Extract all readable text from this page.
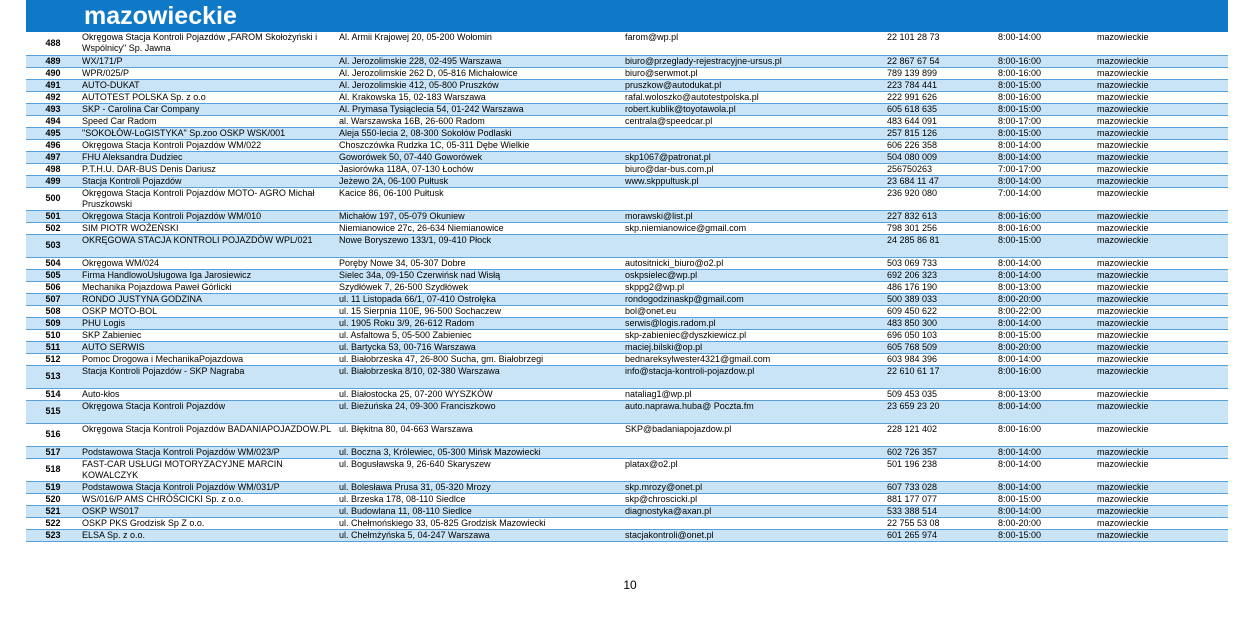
mazowieckie
488	Okręgowa Stacja Kontroli Pojazdów „FAROM Skołożyński i Wspólnicy" Sp. Jawna	Al. Armii Krajowej 20, 05-200 Wołomin	farom@wp.pl	22 101 28 73	8:00-14:00	mazowieckie
489	WX/171/P	Al. Jerozolimskie 228, 02-495 Warszawa	biuro@przeglady-rejestracyjne-ursus.pl	22 867 67 54	8:00-16:00	mazowieckie
490	WPR/025/P	Al. Jerozolimskie 262 D, 05-816 Michałowice	biuro@serwmot.pl	789 139 899	8:00-16:00	mazowieckie
491	AUTO-DUKAT	Al. Jerozolimskie 412, 05-800 Pruszków	pruszkow@autodukat.pl	223 784 441	8:00-15:00	mazowieckie
492	AUTOTEST POLSKA Sp. z o.o	Al. Krakowska 15, 02-183 Warszawa	rafal.woloszko@autotestpolska.pl	222 991 626	8:00-16:00	mazowieckie
493	SKP - Carolina Car Company	Al. Prymasa Tysiąclecia 54, 01-242 Warszawa	robert.kublik@toyotawola.pl	605 618 635	8:00-15:00	mazowieckie
494	Speed Car Radom	al. Warszawska 16B, 26-600 Radom	centrala@speedcar.pl	483 644 091	8:00-17:00	mazowieckie
495	"SOKOŁÓW-LoGISTYKA" Sp.zoo OSKP WSK/001	Aleja 550-lecia 2, 08-300 Sokołów Podlaski		257 815 126	8:00-15:00	mazowieckie
496	Okręgowa Stacja Kontroli Pojazdów WM/022	Choszczówka Rudzka 1C, 05-311 Dębe Wielkie		606 226 358	8:00-14:00	mazowieckie
497	FHU Aleksandra Dudziec	Goworówek 50, 07-440 Goworówek	skp1067@patronat.pl	504 080 009	8:00-14:00	mazowieckie
498	P.T.H.U. DAR-BUS Denis Dariusz	Jasiorówka 118A, 07-130 Łochów	biuro@dar-bus.com.pl	256750263	7:00-17:00	mazowieckie
499	Stacja Kontroli Pojazdów	Jeżewo 2A, 06-100 Pułtusk	www.skppultusk.pl	23 684 11 47	8:00-14:00	mazowieckie
500	Okręgowa Stacja Kontroli Pojazdów MOTO- AGRO Michał Pruszkowski	Kacice 86, 06-100 Pułtusk		236 920 080	7:00-14:00	mazowieckie
501	Okręgowa Stacja Kontroli Pojazdów WM/010	Michałów 197, 05-079 Okuniew	morawski@list.pl	227 832 613	8:00-16:00	mazowieckie
502	SIM PIOTR WOŹEŃSKI	Niemianowice 27c, 26-634 Niemianowice	skp.niemianowice@gmail.com	798 301 256	8:00-16:00	mazowieckie
503	OKRĘGOWA STACJA KONTROLI POJAZDÓW WPL/021	Nowe Boryszewo 133/1, 09-410 Płock		24 285 86 81	8:00-15:00	mazowieckie
504	Okręgowa WM/024	Poręby Nowe 34, 05-307 Dobre	autositnicki_biuro@o2.pl	503 069 733	8:00-14:00	mazowieckie
505	Firma HandlowoUsługowa Iga Jarosiewicz	Sielec 34a, 09-150 Czerwińsk nad Wisłą	oskpsielec@wp.pl	692 206 323	8:00-14:00	mazowieckie
506	Mechanika Pojazdowa Paweł Górlicki	Szydłówek 7, 26-500 Szydłówek	skppg2@wp.pl	486 176 190	8:00-13:00	mazowieckie
507	RONDO JUSTYNA GODZINA	ul. 11 Listopada 66/1, 07-410 Ostrołęka	rondogodzinaskp@gmail.com	500 389 033	8:00-20:00	mazowieckie
508	OSKP MOTO-BOL	ul. 15 Sierpnia 110E, 96-500 Sochaczew	bol@onet.eu	609 450 622	8:00-22:00	mazowieckie
509	PHU Logis	ul. 1905 Roku 3/9, 26-612 Radom	serwis@logis.radom.pl	483 850 300	8:00-14:00	mazowieckie
510	SKP Zabieniec	ul. Asfaltowa 5, 05-500 Zabieniec	skp-zabieniec@dyszkiewicz.pl	696 050 103	8:00-15:00	mazowieckie
511	AUTO SERWIS	ul. Bartycka 53, 00-716 Warszawa	maciej.bilski@op.pl	605 768 509	8:00-20:00	mazowieckie
512	Pomoc Drogowa i MechanikaPojazdowa	ul. Białobrzeska 47, 26-800 Sucha, gm. Białobrzegi	bednareksylwester4321@gmail.com	603 984 396	8:00-14:00	mazowieckie
513	Stacja Kontroli Pojazdów - SKP Nagraba	ul. Białobrzeska 8/10, 02-380 Warszawa	info@stacja-kontroli-pojazdow.pl	22 610 61 17	8:00-16:00	mazowieckie
514	Auto-kłos	ul. Białostocka 25, 07-200 WYSZKÓW	nataliag1@wp.pl	509 453 035	8:00-13:00	mazowieckie
515	Okręgowa Stacja Kontroli Pojazdów	ul. Bieżuńska 24, 09-300 Franciszkowo	auto.naprawa.huba@ Poczta.fm	23 659 23 20	8:00-14:00	mazowieckie
516	Okręgowa Stacja Kontroli Pojazdów BADANIAPOJAZDOW.PL	ul. Błękitna 80, 04-663 Warszawa	SKP@badaniapojazdow.pl	228 121 402	8:00-16:00	mazowieckie
517	Podstawowa Stacja Kontroli Pojazdów WM/023/P	ul. Boczna 3, Królewiec, 05-300 Mińsk Mazowiecki		602 726 357	8:00-14:00	mazowieckie
518	FAST-CAR USŁUGI MOTORYZACYJNE MARCIN KOWALCZYK	ul. Bogusławska 9, 26-640 Skaryszew	platax@o2.pl	501 196 238	8:00-14:00	mazowieckie
519	Podstawowa Stacja Kontroli Pojazdów WM/031/P	ul. Bolesława Prusa 31, 05-320 Mrozy	skp.mrozy@onet.pl	607 733 028	8:00-14:00	mazowieckie
520	WS/016/P AMS CHRÓŚCICKI Sp. z o.o.	ul. Brzeska 178, 08-110 Siedlce	skp@chroscicki.pl	881 177 077	8:00-15:00	mazowieckie
521	OSKP WS017	ul. Budowlana 11, 08-110 Siedlce	diagnostyka@axan.pl	533 388 514	8:00-14:00	mazowieckie
522	OSKP PKS Grodzisk Sp Z o.o.	ul. Chełmońskiego 33, 05-825 Grodzisk Mazowiecki		22 755 53 08	8:00-20:00	mazowieckie
523	ELSA Sp. z o.o.	ul. Chełmżyńska 5, 04-247 Warszawa	stacjakontroli@onet.pl	601 265 974	8:00-15:00	mazowieckie
10
